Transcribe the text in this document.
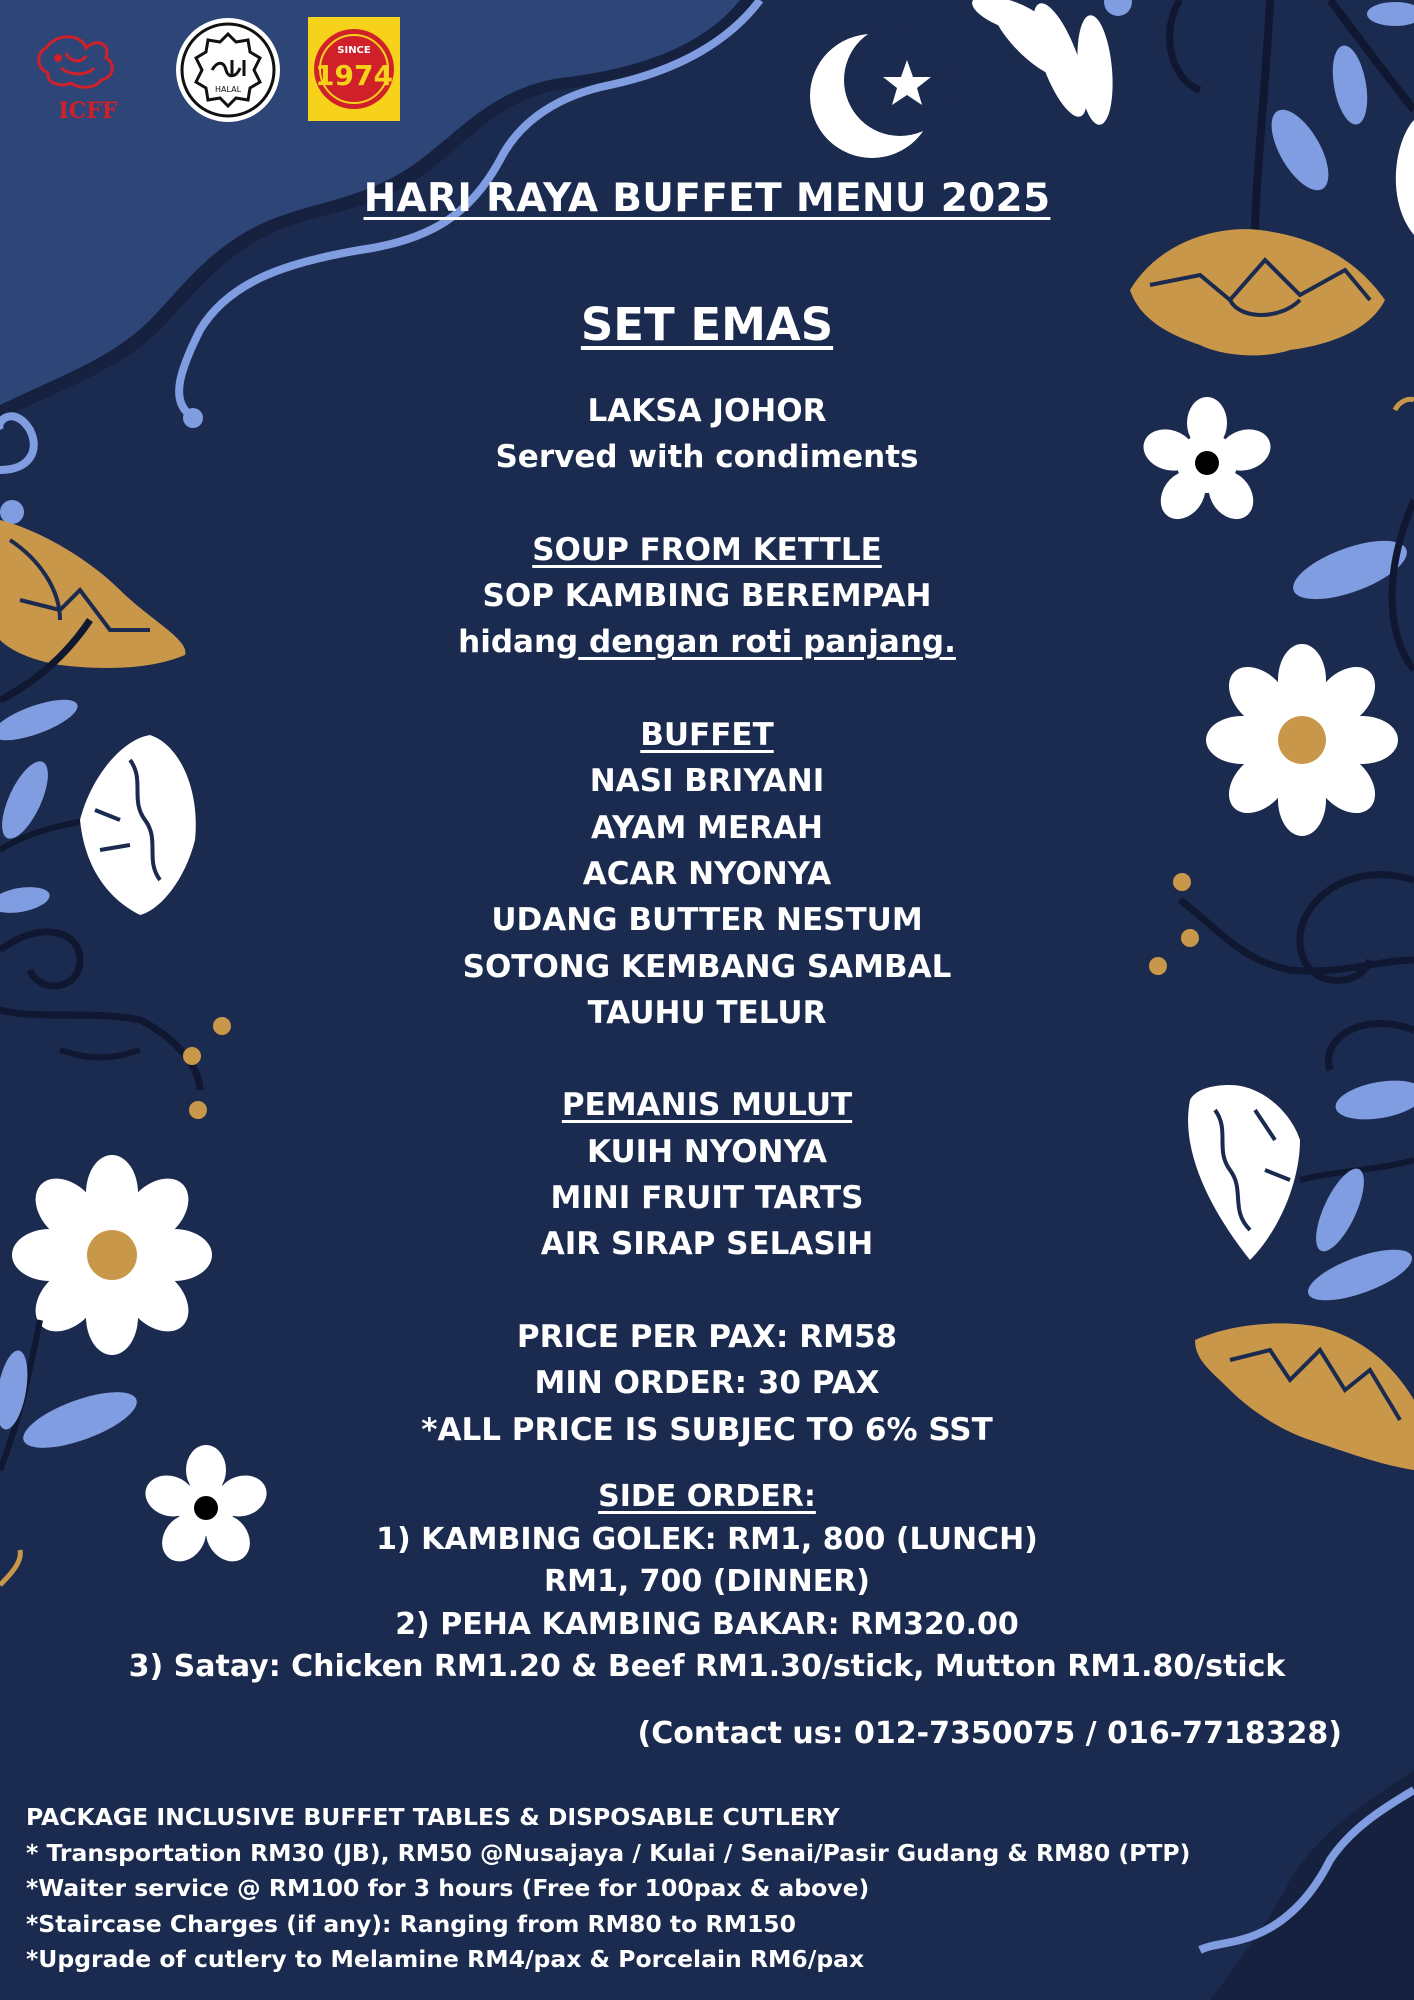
ICFF
HALAL
SINCE
1974
HARI RAYA BUFFET MENU 2025
SET EMAS
LAKSA JOHOR
Served with condiments
SOUP FROM KETTLE
SOP KAMBING BEREMPAH
hidang dengan roti panjang.
BUFFET
NASI BRIYANI
AYAM MERAH
ACAR NYONYA
UDANG BUTTER NESTUM
SOTONG KEMBANG SAMBAL
TAUHU TELUR
PEMANIS MULUT
KUIH NYONYA
MINI FRUIT TARTS
AIR SIRAP SELASIH
PRICE PER PAX: RM58
MIN ORDER: 30 PAX
*ALL PRICE IS SUBJEC TO 6% SST
SIDE ORDER:
1) KAMBING GOLEK: RM1, 800 (LUNCH)
RM1, 700 (DINNER)
2) PEHA KAMBING BAKAR: RM320.00
3) Satay: Chicken RM1.20 & Beef RM1.30/stick, Mutton RM1.80/stick
(Contact us: 012-7350075 / 016-7718328)
PACKAGE INCLUSIVE BUFFET TABLES & DISPOSABLE CUTLERY
* Transportation RM30 (JB), RM50 @Nusajaya / Kulai / Senai/Pasir Gudang & RM80 (PTP)
*Waiter service @ RM100 for 3 hours (Free for 100pax & above)
*Staircase Charges (if any): Ranging from RM80 to RM150
*Upgrade of cutlery to Melamine RM4/pax & Porcelain RM6/pax
